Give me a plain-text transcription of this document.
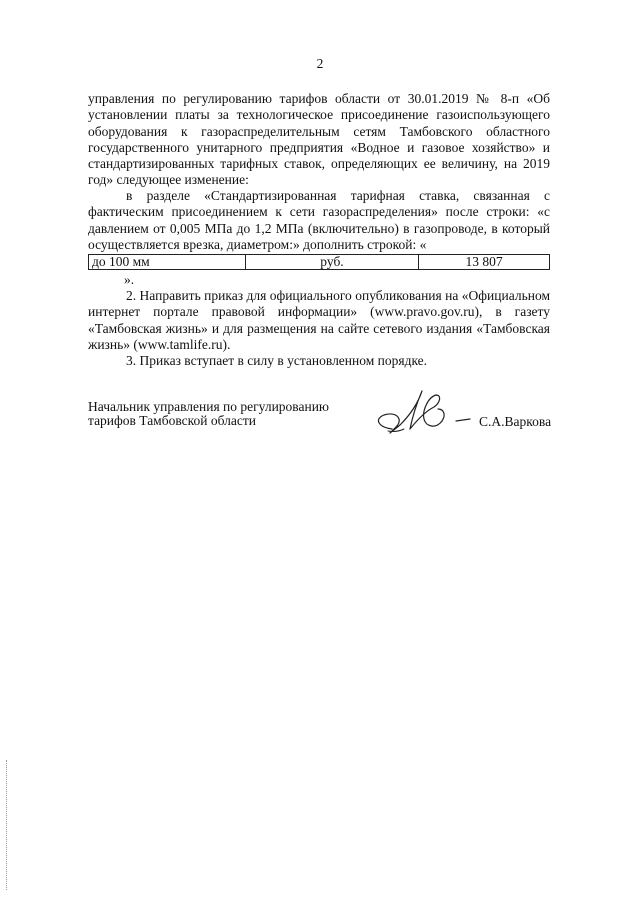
2

управления по регулированию тарифов области от 30.01.2019 № 8-п «Об установлении платы за технологическое присоединение газоиспользующего оборудования к газораспределительным сетям Тамбовского областного государственного унитарного предприятия «Водное и газовое хозяйство» и стандартизированных тарифных ставок, определяющих ее величину, на 2019 год» следующее изменение:

в разделе «Стандартизированная тарифная ставка, связанная с фактическим присоединением к сети газораспределения» после строки: «с давлением от 0,005 МПа до 1,2 МПа (включительно) в газопроводе, в который осуществляется врезка, диаметром:» дополнить строкой: «

до 100 мм	руб.	13 807
».

2. Направить приказ для официального опубликования на «Официальном интернет портале правовой информации» (www.pravo.gov.ru), в газету «Тамбовская жизнь» и для размещения на сайте сетевого издания «Тамбовская жизнь» (www.tamlife.ru).

3. Приказ вступает в силу в установленном порядке.

Начальник управления по регулированию
тарифов Тамбовской области	С.А.Варкова
